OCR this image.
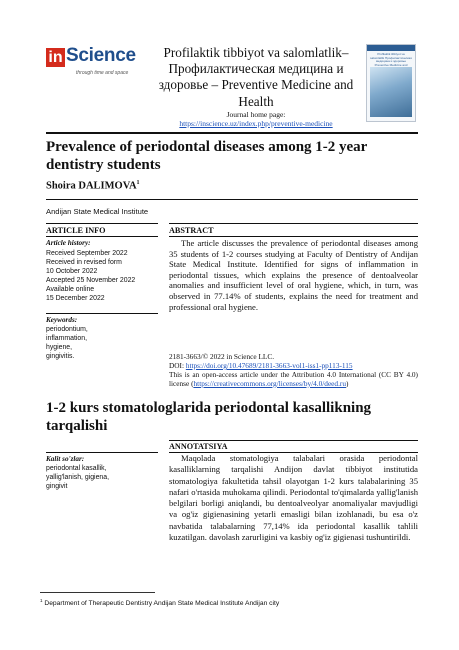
in Science
through time and space
Profilaktik tibbiyot va salomlatlik– Профилактическая медицина и здоровье – Preventive Medicine and Health
Journal home page:
https://inscience.uz/index.php/preventive-medicine
Profilaktik tibbiyot va salomlatlik Профилактическая медицина и здоровье Preventive Medicine and
Prevalence of periodontal diseases among 1-2 year dentistry students
Shoira DALIMOVA$^1$
Andijan State Medical Institute
ARTICLE INFO	ABSTRACT
Article history:
Received September 2022
Received in revised form
10 October 2022
Accepted 25 November 2022
Available online
15 December 2022
Keywords:
periodontium,
inflammation,
hygiene,
gingivitis.
The article discusses the prevalence of periodontal diseases among 35 students of 1-2 courses studying at Faculty of Dentistry of Andijan State Medical Institute. Identified for signs of inflammation in periodontal tissues, which explains the presence of dentoalveolar anomalies and insufficient level of oral hygiene, which, in turn, was observed in 77.14% of students, explains the need for treatment and professional oral hygiene.
2181-3663/© 2022 in Science LLC.
DOI: https://doi.org/10.47689/2181-3663-vol1-iss1-pp113-115
This is an open-access article under the Attribution 4.0 International (CC BY 4.0) license (https://creativecommons.org/licenses/by/4.0/deed.ru)
1-2 kurs stomatologlarida periodontal kasallikning tarqalishi
ANNOTATSIYA
Kalit so'zlar:
periodontal kasallik,
yallig'lanish, gigiena,
gingivit
Maqolada stomatologiya talabalari orasida periodontal kasalliklarning tarqalishi Andijon davlat tibbiyot institutida stomatologiya fakultetida tahsil olayotgan 1-2 kurs talabalarining 35 nafari o'rtasida muhokama qilindi. Periodontal to'qimalarda yallig'lanish belgilari borligi aniqlandi, bu dentoalveolyar anomaliyalar mavjudligi va og'iz gigienasining yetarli emasligi bilan izohlanadi, bu esa o'z navbatida talabalarning 77,14% ida periodontal kasallik tahlili kuzatilgan. davolash zarurligini va kasbiy og'iz gigienasi tushuntirildi.
$^1$ Department of Therapeutic Dentistry Andijan State Medical Institute Andijan city
